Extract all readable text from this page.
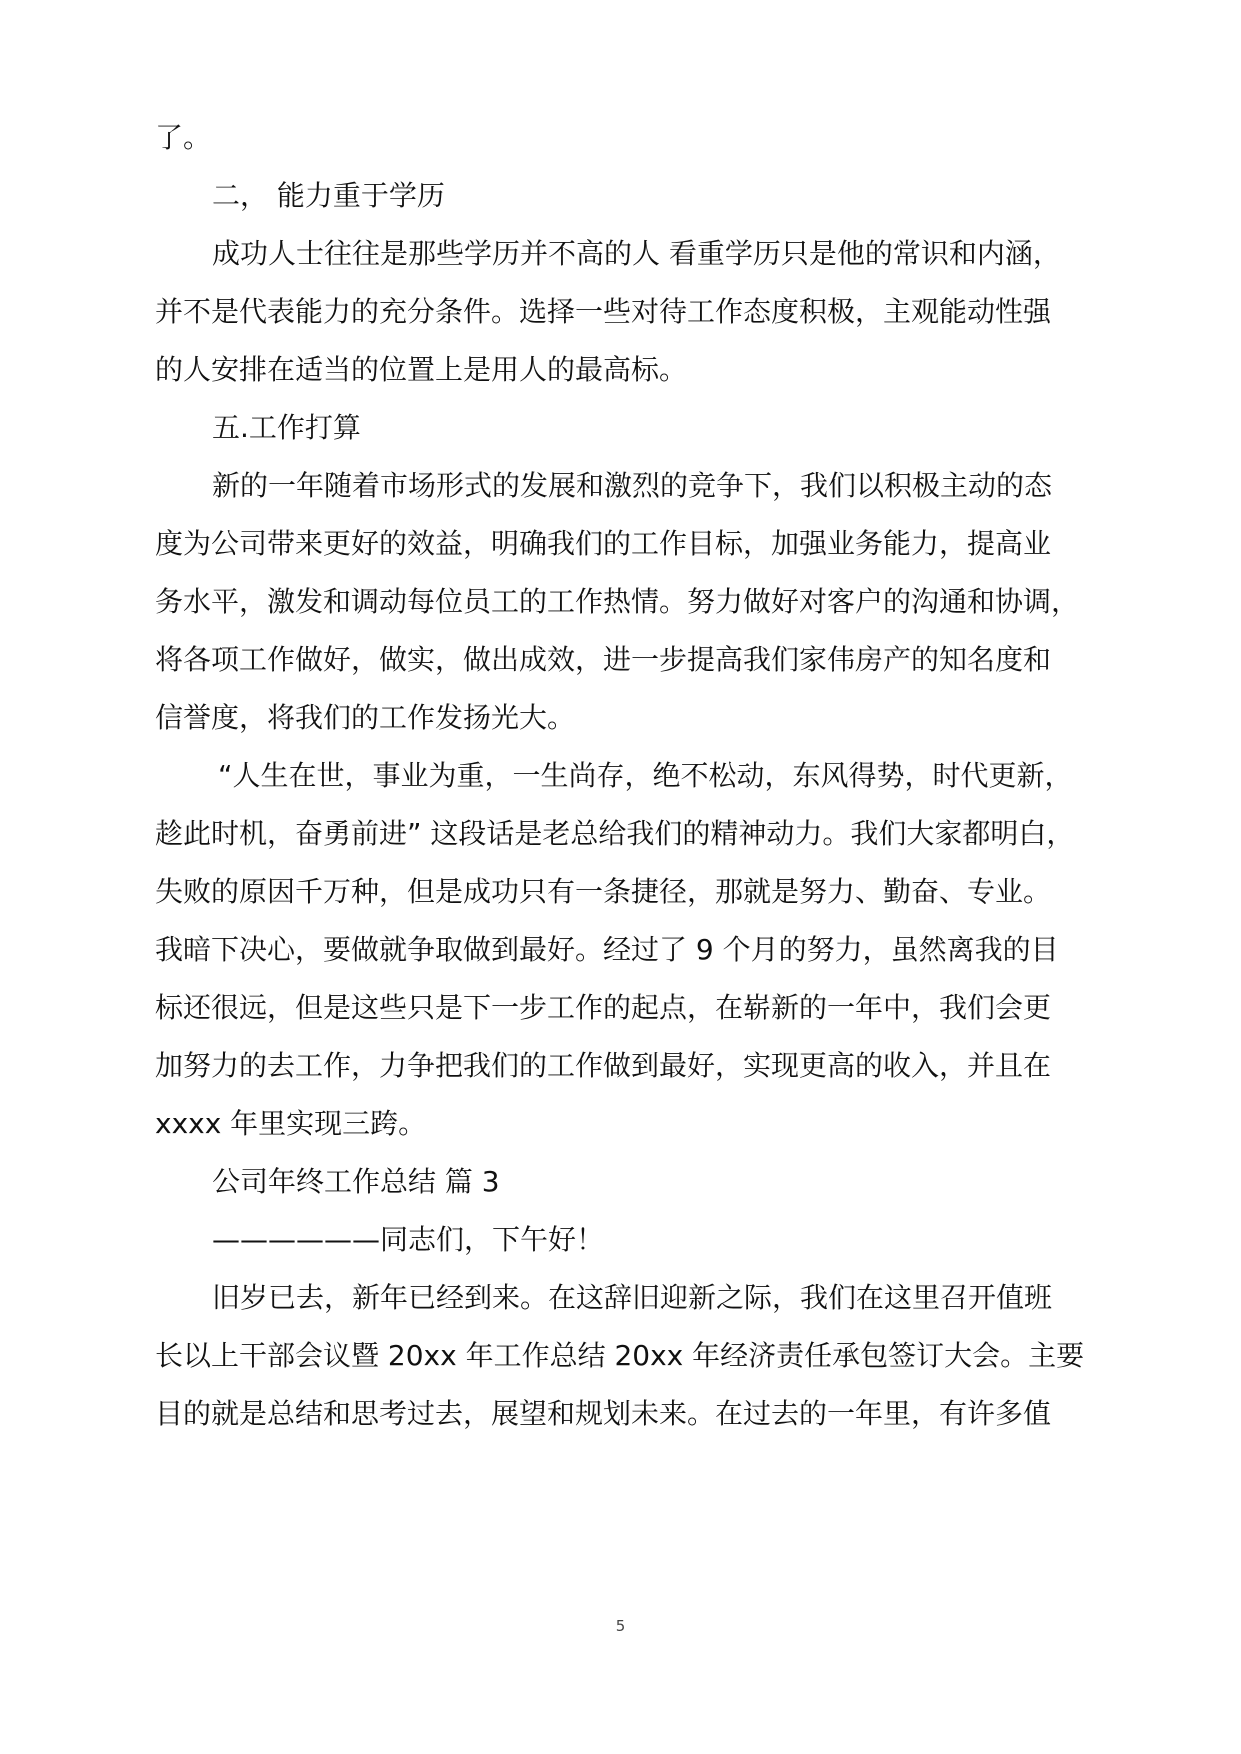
了。
二， 能力重于学历
成功人士往往是那些学历并不高的人 看重学历只是他的常识和内涵，
并不是代表能力的充分条件。选择一些对待工作态度积极，主观能动性强
的人安排在适当的位置上是用人的最高标。
五.工作打算
新的一年随着市场形式的发展和激烈的竞争下，我们以积极主动的态
度为公司带来更好的效益，明确我们的工作目标，加强业务能力，提高业
务水平，激发和调动每位员工的工作热情。努力做好对客户的沟通和协调，
将各项工作做好，做实，做出成效，进一步提高我们家伟房产的知名度和
信誉度，将我们的工作发扬光大。
“人生在世，事业为重，一生尚存，绝不松动，东风得势，时代更新，
趁此时机，奋勇前进” 这段话是老总给我们的精神动力。我们大家都明白，
失败的原因千万种，但是成功只有一条捷径，那就是努力、勤奋、专业。
我暗下决心，要做就争取做到最好。经过了 9 个月的努力，虽然离我的目
标还很远，但是这些只是下一步工作的起点，在崭新的一年中，我们会更
加努力的去工作，力争把我们的工作做到最好，实现更高的收入，并且在
xxxx 年里实现三跨。
公司年终工作总结 篇 3
——————同志们，下午好！
旧岁已去，新年已经到来。在这辞旧迎新之际，我们在这里召开值班
长以上干部会议暨 20xx 年工作总结 20xx 年经济责任承包签订大会。主要
目的就是总结和思考过去，展望和规划未来。在过去的一年里，有许多值
5
